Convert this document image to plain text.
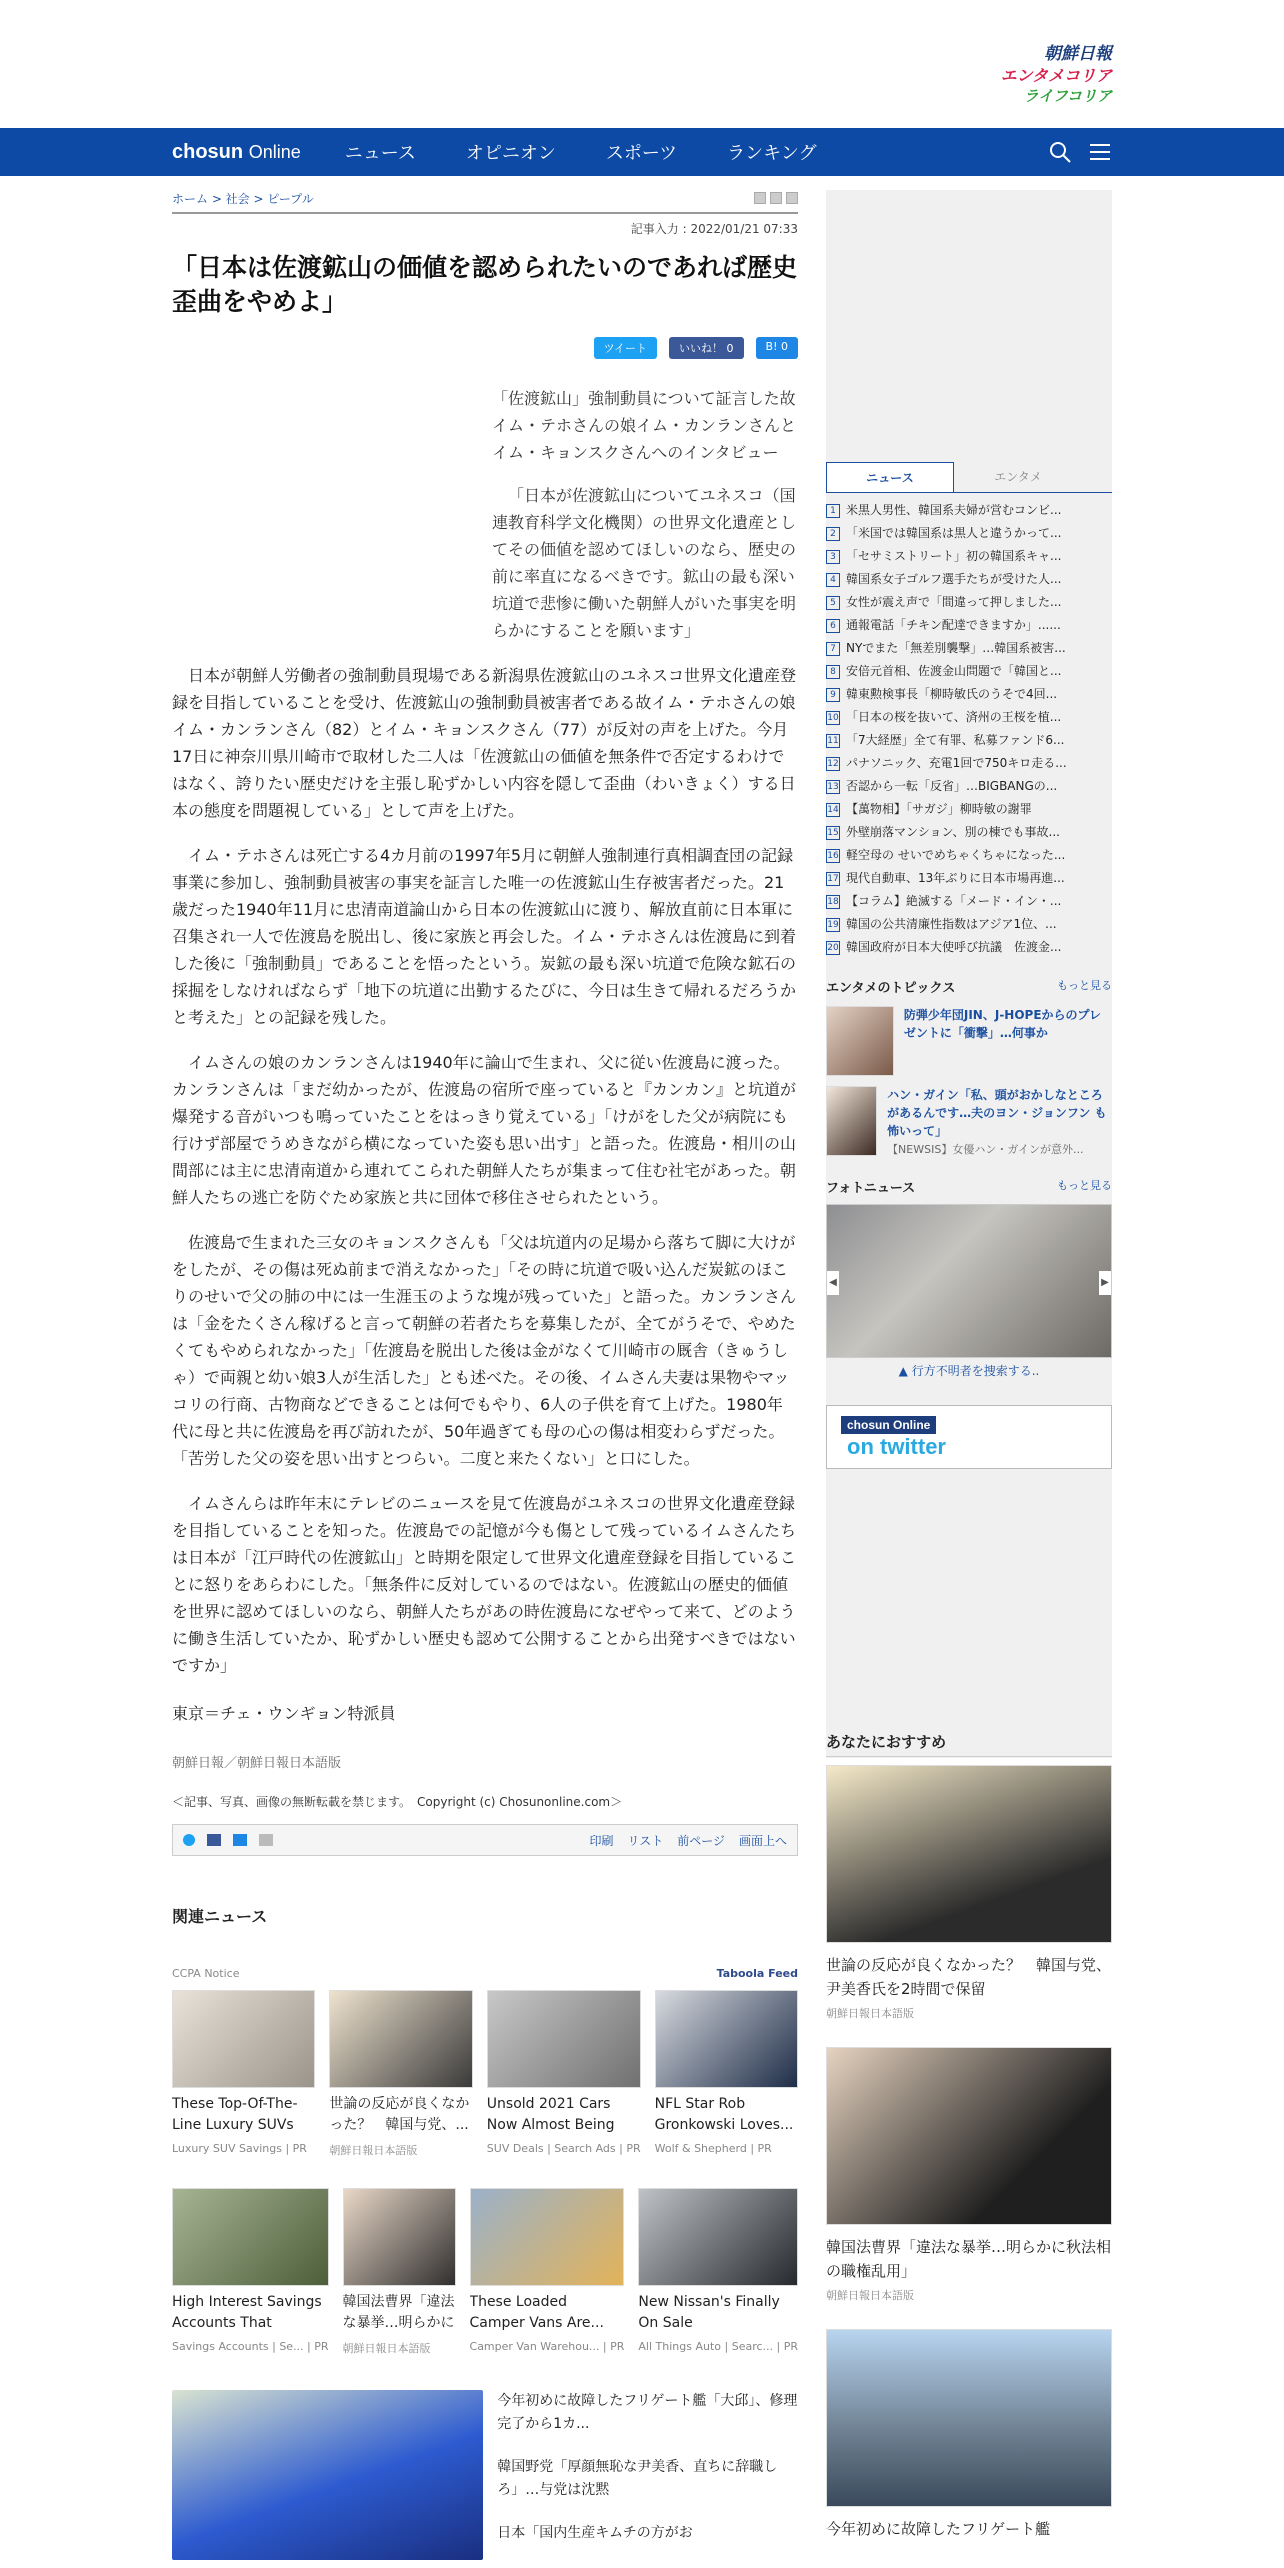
朝鮮日報
エンタメコリア
ライフコリア
chosun Online ニュース	オピニオン	スポーツ	ランキング
ホーム > 社会 > ピープル
記事入力 : 2022/01/21 07:33
「日本は佐渡鉱山の価値を認められたいのであれば歴史歪曲をやめよ」
ツイート	いいね！ 0	B! 0
「佐渡鉱山」強制動員について証言した故イム・テホさんの娘イム・カンランさんとイム・キョンスクさんへのインタビュー
「日本が佐渡鉱山についてユネスコ（国連教育科学文化機関）の世界文化遺産としてその価値を認めてほしいのなら、歴史の前に率直になるべきです。鉱山の最も深い坑道で悲惨に働いた朝鮮人がいた事実を明らかにすることを願います」

日本が朝鮮人労働者の強制動員現場である新潟県佐渡鉱山のユネスコ世界文化遺産登録を目指していることを受け、佐渡鉱山の強制動員被害者である故イム・テホさんの娘イム・カンランさん（82）とイム・キョンスクさん（77）が反対の声を上げた。今月17日に神奈川県川崎市で取材した二人は「佐渡鉱山の価値を無条件で否定するわけではなく、誇りたい歴史だけを主張し恥ずかしい内容を隠して歪曲（わいきょく）する日本の態度を問題視している」として声を上げた。

イム・テホさんは死亡する4カ月前の1997年5月に朝鮮人強制連行真相調査団の記録事業に参加し、強制動員被害の事実を証言した唯一の佐渡鉱山生存被害者だった。21歳だった1940年11月に忠清南道論山から日本の佐渡鉱山に渡り、解放直前に日本軍に召集され一人で佐渡島を脱出し、後に家族と再会した。イム・テホさんは佐渡島に到着した後に「強制動員」であることを悟ったという。炭鉱の最も深い坑道で危険な鉱石の採掘をしなければならず「地下の坑道に出勤するたびに、今日は生きて帰れるだろうかと考えた」との記録を残した。

イムさんの娘のカンランさんは1940年に論山で生まれ、父に従い佐渡島に渡った。カンランさんは「まだ幼かったが、佐渡島の宿所で座っていると『カンカン』と坑道が爆発する音がいつも鳴っていたことをはっきり覚えている」「けがをした父が病院にも行けず部屋でうめきながら横になっていた姿も思い出す」と語った。佐渡島・相川の山間部には主に忠清南道から連れてこられた朝鮮人たちが集まって住む社宅があった。朝鮮人たちの逃亡を防ぐため家族と共に団体で移住させられたという。

佐渡島で生まれた三女のキョンスクさんも「父は坑道内の足場から落ちて脚に大けがをしたが、その傷は死ぬ前まで消えなかった」「その時に坑道で吸い込んだ炭鉱のほこりのせいで父の肺の中には一生涯玉のような塊が残っていた」と語った。カンランさんは「金をたくさん稼げると言って朝鮮の若者たちを募集したが、全てがうそで、やめたくてもやめられなかった」「佐渡島を脱出した後は金がなくて川崎市の厩舎（きゅうしゃ）で両親と幼い娘3人が生活した」とも述べた。その後、イムさん夫妻は果物やマッコリの行商、古物商などできることは何でもやり、6人の子供を育て上げた。1980年代に母と共に佐渡島を再び訪れたが、50年過ぎても母の心の傷は相変わらずだった。「苦労した父の姿を思い出すとつらい。二度と来たくない」と口にした。

イムさんらは昨年末にテレビのニュースを見て佐渡島がユネスコの世界文化遺産登録を目指していることを知った。佐渡島での記憶が今も傷として残っているイムさんたちは日本が「江戸時代の佐渡鉱山」と時期を限定して世界文化遺産登録を目指していることに怒りをあらわにした。「無条件に反対しているのではない。佐渡鉱山の歴史的価値を世界に認めてほしいのなら、朝鮮人たちがあの時佐渡島になぜやって来て、どのように働き生活していたか、恥ずかしい歴史も認めて公開することから出発すべきではないですか」

東京＝チェ・ウンギョン特派員
朝鮮日報／朝鮮日報日本語版
＜記事、写真、画像の無断転載を禁じます。　Copyright (c) Chosunonline.com＞
印刷 リスト 前ページ 画面上へ
関連ニュース
CCPA Notice	Taboola Feed
These Top-Of-The-Line Luxury SUVs
Luxury SUV Savings | PR
世論の反応が良くなかった？　韓国与党、...
朝鮮日報日本語版
Unsold 2021 Cars Now Almost Being
SUV Deals | Search Ads | PR
NFL Star Rob Gronkowski Loves...
Wolf & Shepherd | PR
High Interest Savings Accounts That
Savings Accounts | Se... | PR
韓国法曹界「違法な暴挙…明らかに
朝鮮日報日本語版
These Loaded Camper Vans Are...
Camper Van Warehou... | PR
New Nissan's Finally On Sale
All Things Auto | Searc... | PR
今年初めに故障したフリゲート艦「大邱」、修理完了から1カ...
韓国野党「厚顔無恥な尹美香、直ちに辞職しろ」…与党は沈黙
日本「国内生産キムチの方がお
ニュース	エンタメ
1 米黒人男性、韓国系夫婦が営むコンビ...
2 「米国では韓国系は黒人と違うかって...
3 「セサミストリート」初の韓国系キャ...
4 韓国系女子ゴルフ選手たちが受けた人...
5 女性が震え声で「間違って押しました...
6 通報電話「チキン配達できますか」......
7 NYでまた「無差別襲撃」…韓国系被害...
8 安倍元首相、佐渡金山問題で「韓国と...
9 韓東勲検事長「柳時敏氏のうそで4回...
10 「日本の桜を抜いて、済州の王桜を植...
11 「7大経歴」全て有罪、私募ファンド6...
12 パナソニック、充電1回で750キロ走る...
13 否認から一転「反省」…BIGBANGの...
14 【萬物相】「サガジ」柳時敏の謝罪
15 外壁崩落マンション、別の棟でも事故...
16 軽空母の せいでめちゃくちゃになった...
17 現代自動車、13年ぶりに日本市場再進...
18 【コラム】絶滅する「メード・イン・...
19 韓国の公共清廉性指数はアジア1位、...
20 韓国政府が日本大使呼び抗議　佐渡金...
エンタメのトピックス	もっと見る
防弾少年団JIN、J-HOPEからのプレゼントに「衝撃」…何事か
ハン・ガイン「私、頭がおかしなところがあるんです…夫のヨン・ジョンフン も怖いって」
【NEWSIS】女優ハン・ガインが意外...
フォトニュース	もっと見る
◀	▶
▲ 行方不明者を捜索する..
chosun Online
on twitter
あなたにおすすめ
世論の反応が良くなかった？　韓国与党、尹美香氏を2時間で保留
朝鮮日報日本語版
韓国法曹界「違法な暴挙…明らかに秋法相の職権乱用」
朝鮮日報日本語版
今年初めに故障したフリゲート艦
